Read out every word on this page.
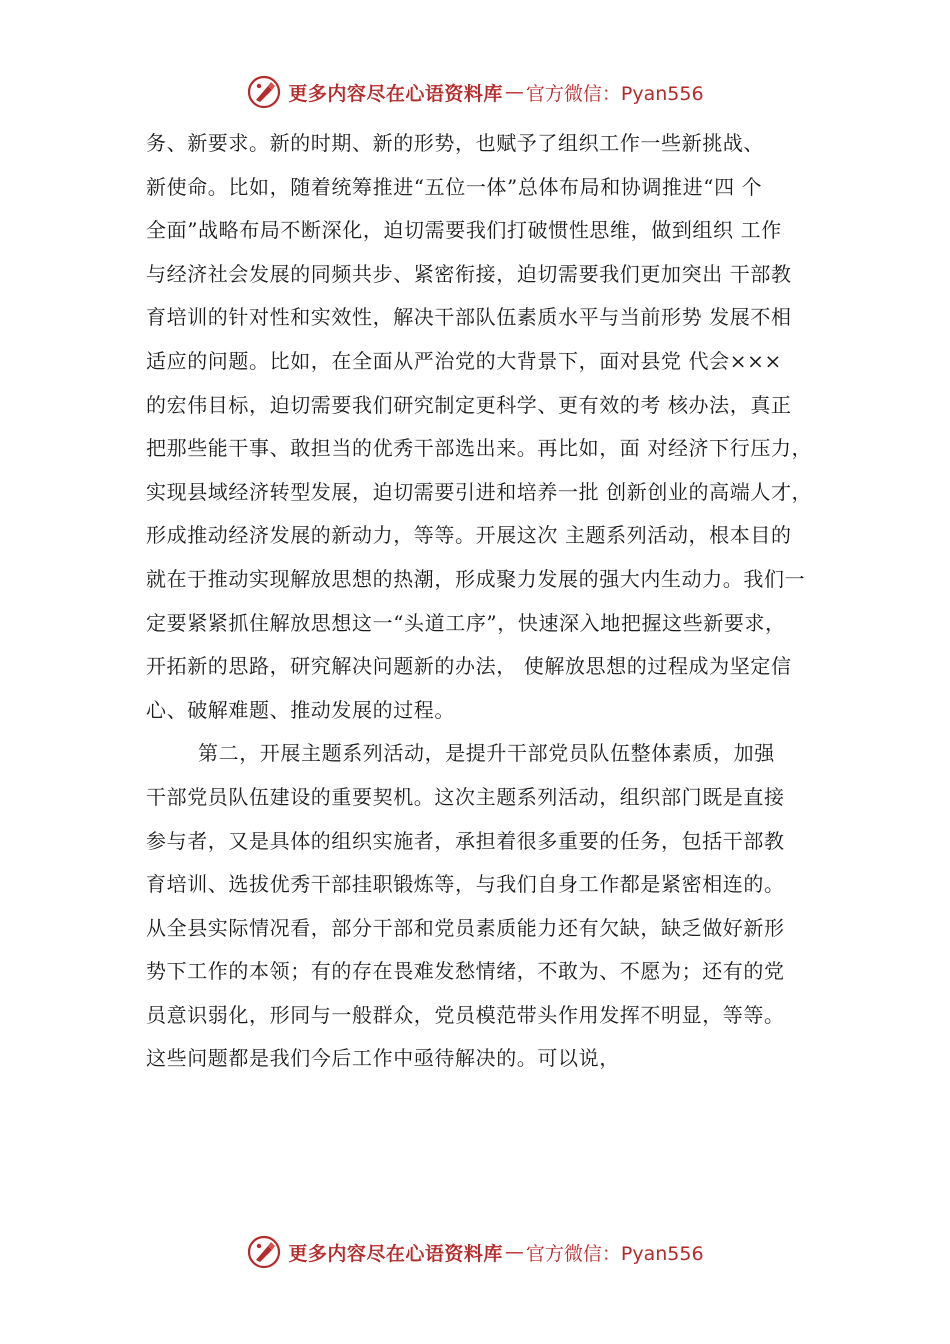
更多内容尽在心语资料库 — 官方微信：Pyan556
务、新要求。新的时期、新的形势，也赋予了组织工作一些新挑战、
新使命。比如，随着统筹推进“五位一体”总体布局和协调推进“四 个
全面”战略布局不断深化，迫切需要我们打破惯性思维，做到组织 工作
与经济社会发展的同频共步、紧密衔接，迫切需要我们更加突出 干部教
育培训的针对性和实效性，解决干部队伍素质水平与当前形势 发展不相
适应的问题。比如，在全面从严治党的大背景下，面对县党 代会×××
的宏伟目标，迫切需要我们研究制定更科学、更有效的考 核办法，真正
把那些能干事、敢担当的优秀干部选出来。再比如，面 对经济下行压力，
实现县域经济转型发展，迫切需要引进和培养一批 创新创业的高端人才，
形成推动经济发展的新动力，等等。开展这次 主题系列活动，根本目的
就在于推动实现解放思想的热潮，形成聚力发展的强大内生动力。我们一
定要紧紧抓住解放思想这一“头道工序”，快速深入地把握这些新要求，
开拓新的思路，研究解决问题新的办法， 使解放思想的过程成为坚定信
心、破解难题、推动发展的过程。
第二，开展主题系列活动，是提升干部党员队伍整体素质，加强
干部党员队伍建设的重要契机。这次主题系列活动，组织部门既是直接
参与者，又是具体的组织实施者，承担着很多重要的任务，包括干部教
育培训、选拔优秀干部挂职锻炼等，与我们自身工作都是紧密相连的。
从全县实际情况看，部分干部和党员素质能力还有欠缺，缺乏做好新形
势下工作的本领；有的存在畏难发愁情绪，不敢为、不愿为；还有的党
员意识弱化，形同与一般群众，党员模范带头作用发挥不明显，等等。
这些问题都是我们今后工作中亟待解决的。可以说，
更多内容尽在心语资料库 — 官方微信：Pyan556
